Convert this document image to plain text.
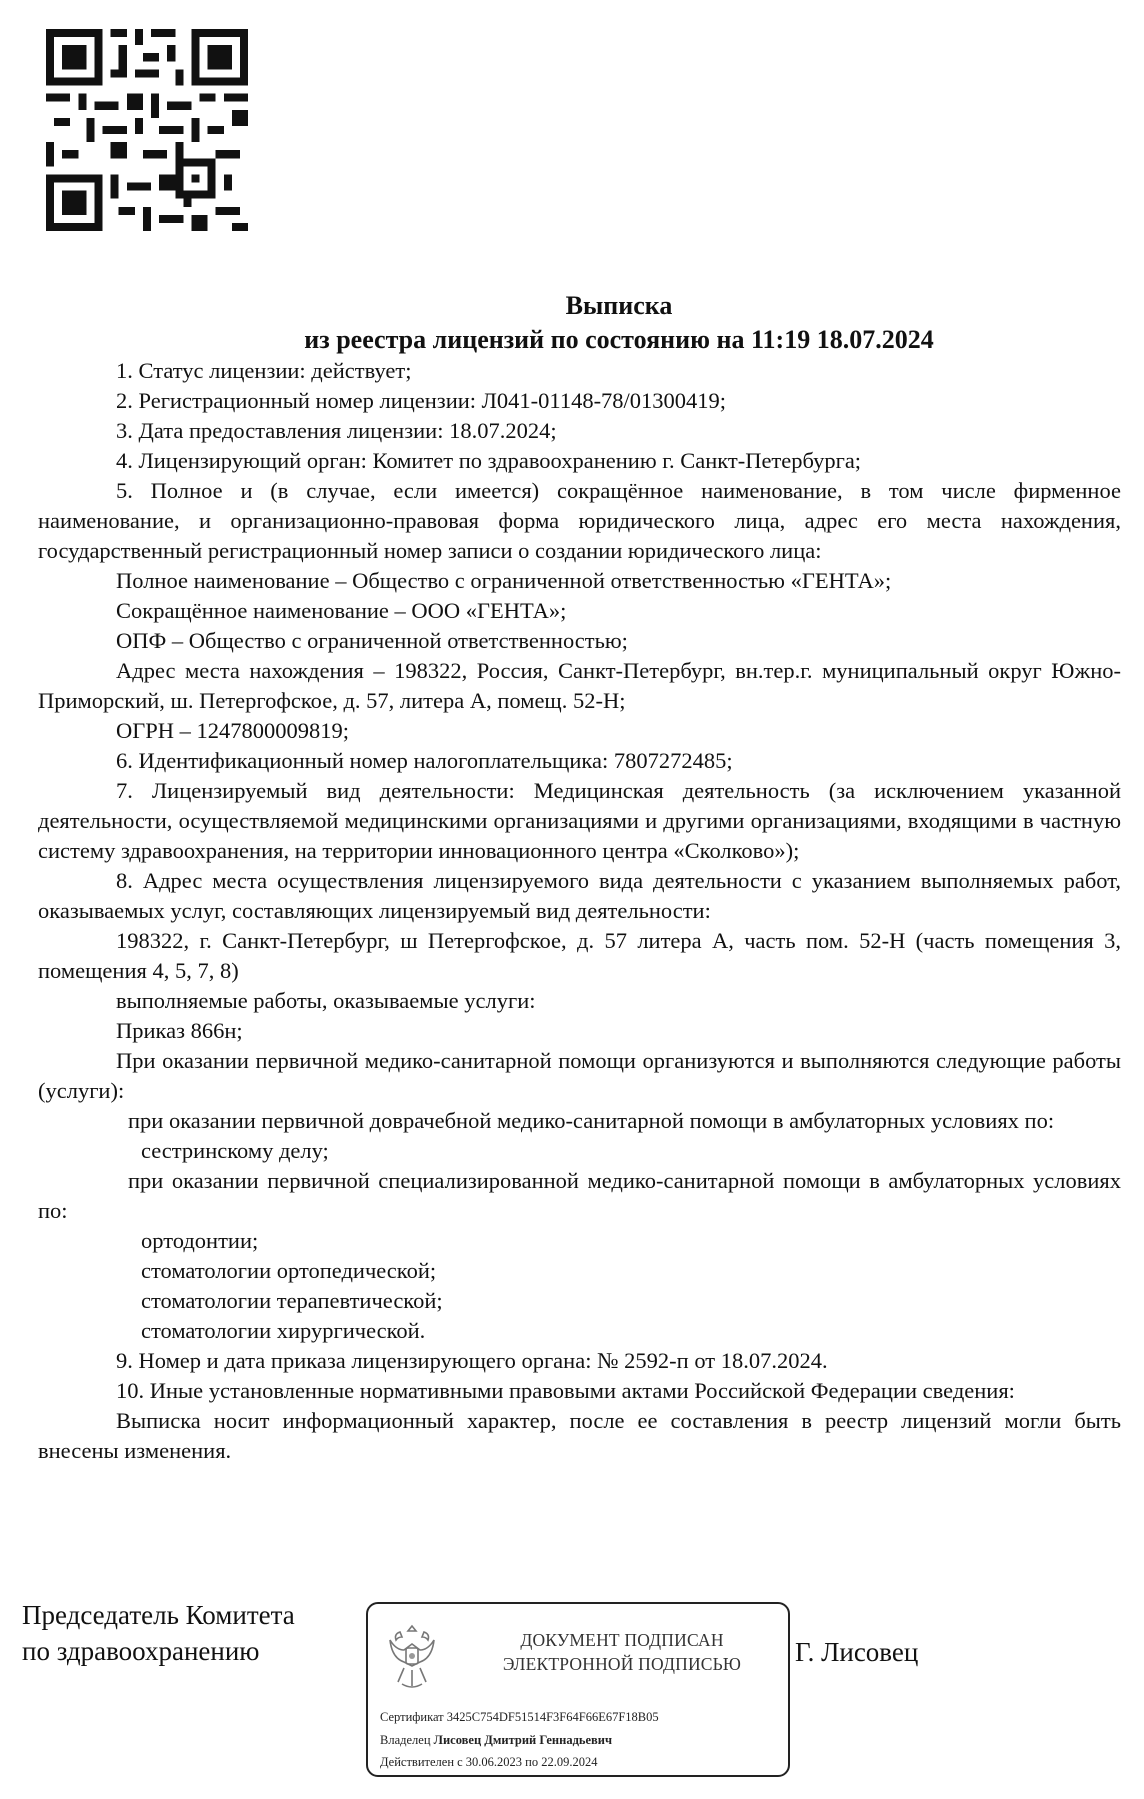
Выписка
из реестра лицензий по состоянию на 11:19 18.07.2024

1. Статус лицензии: действует;

2. Регистрационный номер лицензии: Л041-01148-78/01300419;

3. Дата предоставления лицензии: 18.07.2024;

4. Лицензирующий орган: Комитет по здравоохранению г. Санкт-Петербурга;

5. Полное и (в случае, если имеется) сокращённое наименование, в том числе фирменное наименование, и организационно-правовая форма юридического лица, адрес его места нахождения, государственный регистрационный номер записи о создании юридического лица:

Полное наименование – Общество с ограниченной ответственностью «ГЕНТА»;

Сокращённое наименование – ООО «ГЕНТА»;

ОПФ – Общество с ограниченной ответственностью;

Адрес места нахождения – 198322, Россия, Санкт-Петербург, вн.тер.г. муниципальный округ Южно-Приморский, ш. Петергофское, д. 57, литера А, помещ. 52-Н;

ОГРН – 1247800009819;

6. Идентификационный номер налогоплательщика: 7807272485;

7. Лицензируемый вид деятельности: Медицинская деятельность (за исключением указанной деятельности, осуществляемой медицинскими организациями и другими организациями, входящими в частную систему здравоохранения, на территории инновационного центра «Сколково»);

8. Адрес места осуществления лицензируемого вида деятельности с указанием выполняемых работ, оказываемых услуг, составляющих лицензируемый вид деятельности:

198322, г. Санкт-Петербург, ш Петергофское, д. 57 литера А, часть пом. 52-Н (часть помещения 3, помещения 4, 5, 7, 8)

выполняемые работы, оказываемые услуги:

Приказ 866н;

При оказании первичной медико-санитарной помощи организуются и выполняются следующие работы (услуги):

при оказании первичной доврачебной медико-санитарной помощи в амбулаторных условиях по:

сестринскому делу;

при оказании первичной специализированной медико-санитарной помощи в амбулаторных условиях по:

ортодонтии;

стоматологии ортопедической;

стоматологии терапевтической;

стоматологии хирургической.

9. Номер и дата приказа лицензирующего органа: № 2592-п от 18.07.2024.

10. Иные установленные нормативными правовыми актами Российской Федерации сведения:

Выписка носит информационный характер, после ее составления в реестр лицензий могли быть внесены изменения.

Председатель Комитета
по здравоохранению	ДОКУМЕНТ ПОДПИСАН
ЭЛЕКТРОННОЙ ПОДПИСЬЮ
Сертификат 3425C754DF51514F3F64F66E67F18B05
Владелец Лисовец Дмитрий Геннадьевич
Действителен с 30.06.2023 по 22.09.2024
Г. Лисовец
